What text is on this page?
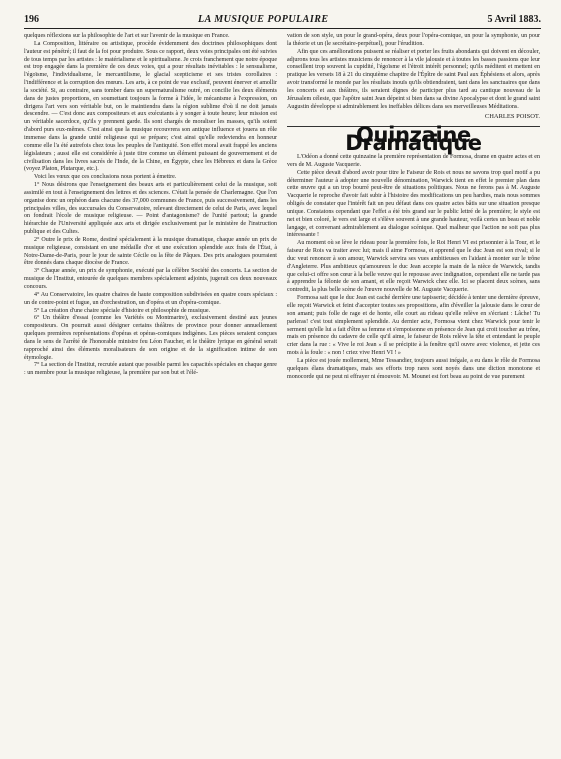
196	LA MUSIQUE POPULAIRE	5 Avril 1883.

quelques réflexions sur la philosophie de l'art et sur l'avenir de la musique en France.

La Composition, littéraire ou artistique, procède évidemment des doctrines philosophiques dont l'auteur est pénétré; il faut de la foi pour produire. Sous ce rapport, deux voies principales ont été suivies de tous temps par les artistes : le matérialisme et le spiritualisme. Je crois franchement que notre époque est trop engagée dans la première de ces deux voies, qui a pour résultats inévitables : le sensualisme, l'égoïsme, l'individualisme, le mercantilisme, le glacial scepticisme et ses tristes corollaires : l'indifférence et la corruption des mœurs. Les arts, à ce point de vue exclusif, peuvent énerver et amollir la société. Si, au contraire, sans tomber dans un supernaturalisme outré, on concilie les deux éléments dans de justes proportions, en soumettant toujours la forme à l'idée, le mécanisme à l'expression, on dirigera l'art vers son véritable but, on le maintiendra dans la région sublime d'où il ne doit jamais descendre. — C'est donc aux compositeurs et aux exécutants à y songer à toute heure; leur mission est un véritable sacerdoce, qu'ils y prennent garde. Ils sont chargés de moraliser les masses, qu'ils soient d'abord purs eux-mêmes. C'est ainsi que la musique recouvrera son antique influence et jouera un rôle immense dans la grande unité religieuse qui se prépare; c'est ainsi qu'elle redeviendra en honneur comme elle l'a été autrefois chez tous les peuples de l'antiquité. Son effet moral avait frappé les anciens législateurs ; aussi elle est considérée à juste titre comme un élément puissant de gouvernement et de civilisation dans les livres sacrés de l'Inde, de la Chine, en Égypte, chez les Hébreux et dans la Grèce (voyez Platon, Plutarque, etc.).

Voici les vœux que ces conclusions nous portent à émettre.

1° Nous désirons que l'enseignement des beaux arts et particulièrement celui de la musique, soit assimilé en tout à l'enseignement des lettres et des sciences. C'était la pensée de Charlemagne. Que l'on organise donc un orphéon dans chacune des 37,000 communes de France, puis successivement, dans les principales villes, des succursales du Conservatoire, relevant directement de celui de Paris, avec lequel on fondrait l'école de musique religieuse. — Point d'antagonisme? de l'unité partout; la grande hiérarchie de l'Université appliquée aux arts et dirigée exclusivement par le ministère de l'instruction publique et des Cultes.

2° Outre le prix de Rome, destiné spécialement à la musique dramatique, chaque année un prix de musique religieuse, consistant en une médaille d'or et une exécution splendide aux frais de l'État, à Notre-Dame-de-Paris, pour le jour de sainte Cécile ou la fête de Pâques. Des prix analogues pourraient être donnés dans chaque diocèse de France.

3° Chaque année, un prix de symphonie, exécuté par la célèbre Société des concerts. La section de musique de l'Institut, entourée de quelques membres spécialement adjoints, jugerait ces deux nouveaux concours.

4° Au Conservatoire, les quatre chaires de haute composition subdivisées en quatre cours spéciaux : un de contre-point et fugue, un d'orchestration, un d'opéra et un d'opéra-comique.

5° La création d'une chaire spéciale d'histoire et philosophie de musique.

6° Un théâtre d'essai (comme les Variétés ou Montmartre), exclusivement destiné aux jeunes compositeurs. On pourrait aussi désigner certains théâtres de province pour donner annuellement quelques premières représentations d'opéras et opéras-comiques indigènes. Les pièces seraient conçues dans le sens de l'arrêté de l'honorable ministre feu Léon Faucher, et le théâtre lyrique en général serait rapproché ainsi des éléments moralisateurs de son origine et de la signification intime de son étymologie.

7° La section de l'Institut, recrutée autant que possible parmi les capacités spéciales en chaque genre : un membre pour la musique religieuse, la première par son but et l'élé-

vation de son style, un pour le grand-opéra, deux pour l'opéra-comique, un pour la symphonie, un pour la théorie et un (le secrétaire-perpétuel), pour l'érudition.

Afin que ces améliorations puissent se réaliser et porter les fruits abondants qui doivent en découler, adjurons tous les artistes musiciens de renoncer à la vile jalousie et à toutes les basses passions que leur conseillent trop souvent la cupidité, l'égoïsme et l'étroit intérêt personnel; qu'ils méditent et mettent en pratique les versets 18 à 21 du cinquième chapitre de l'Épître de saint Paul aux Éphésiens et alors, après avoir transformé le monde par les résultats inouïs qu'ils obtiendraient, tant dans les sanctuaires que dans les concerts et aux théâtres, ils seraient dignes de participer plus tard au cantique nouveau de la Jérusalem céleste, que l'apôtre saint Jean dépeint si bien dans sa divine Apocalypse et dont le grand saint Augustin développe si admirablement les ineffables délices dans ses merveilleuses Méditations.

CHARLES POISOT.
Quinzaine Dramatique

L'Odéon a donné cette quinzaine la première représentation de Formosa, drame en quatre actes et en vers de M. Auguste Vacquerie.

Cette pièce devait d'abord avoir pour titre le Faiseur de Rois et nous ne savons trop quel motif a pu déterminer l'auteur à adopter une nouvelle dénomination, Warwick tient en effet le premier plan dans cette œuvre qui a un trop bourré peut-être de situations politiques. Nous ne ferons pas à M. Auguste Vacquerie le reproche d'avoir fait subir à l'histoire des modifications un peu hardies, mais nous sommes obligés de constater que l'intérêt fait un peu défaut dans ces quatre actes bâtis sur une situation presque unique. Constatons cependant que l'effet a été très grand sur le public lettré de la première; le style est net et bien coloré, le vers est large et s'élève souvent à une grande hauteur, voilà certes un beau et noble langage, et convenant admirablement au dialogue scénique. Quel malheur que l'action ne soit pas plus intéressante !

Au moment où se lève le rideau pour la première fois, le Roi Henri VI est prisonnier à la Tour, et le faiseur de Rois va traiter avec lui; mais il aime Formosa, et apprend que le duc Jean est son rival; si le duc veut renoncer à son amour, Warwick servira ses vues ambitieuses en l'aidant à monter sur le trône d'Angleterre. Plus ambitieux qu'amoureux le duc Jean accepte la main de la nièce de Warwick, tandis que celui-ci offre son cœur à la belle veuve qui le repousse avec indignation, cependant elle ne tarde pas à apprendre la félonie de son amant, et elle reçoit Warwick chez elle. Ici se placent deux scènes, sans contredit, la plus belle scène de l'œuvre nouvelle de M. Auguste Vacquerie.

Formosa sait que le duc Jean est caché derrière une tapisserie; décidée à tenter une dernière épreuve, elle reçoit Warwick et feint d'accepter toutes ses propositions, afin d'éveiller la jalousie dans le cœur de son amant; puis folle de rage et de honte, elle court au rideau qu'elle relève en s'écriant : Lâche! Tu parleras! c'est tout simplement splendide. Au dernier acte, Formosa vient chez Warwick pour tenir le serment qu'elle lui a fait d'être sa femme et s'empoisonne en présence de Jean qui croit toucher au trône, mais en présence du cadavre de celle qu'il aime, le faiseur de Rois relève la tête et entendant le peuple crier dans la rue : « Vive le roi Jean » il se précipite à la fenêtre qu'il ouvre avec violence, et jette ces mots à la foule : « non ! criez vive Henri VI ! »

La pièce est jouée mollement, Mme Tessandier, toujours aussi inégale, a eu dans le rôle de Formosa quelques élans dramatiques, mais ses efforts trop rares sont noyés dans une diction monotone et monocorde qui ne peut ni effrayer ni émouvoir. M. Mounet est fort beau au point de vue purement
